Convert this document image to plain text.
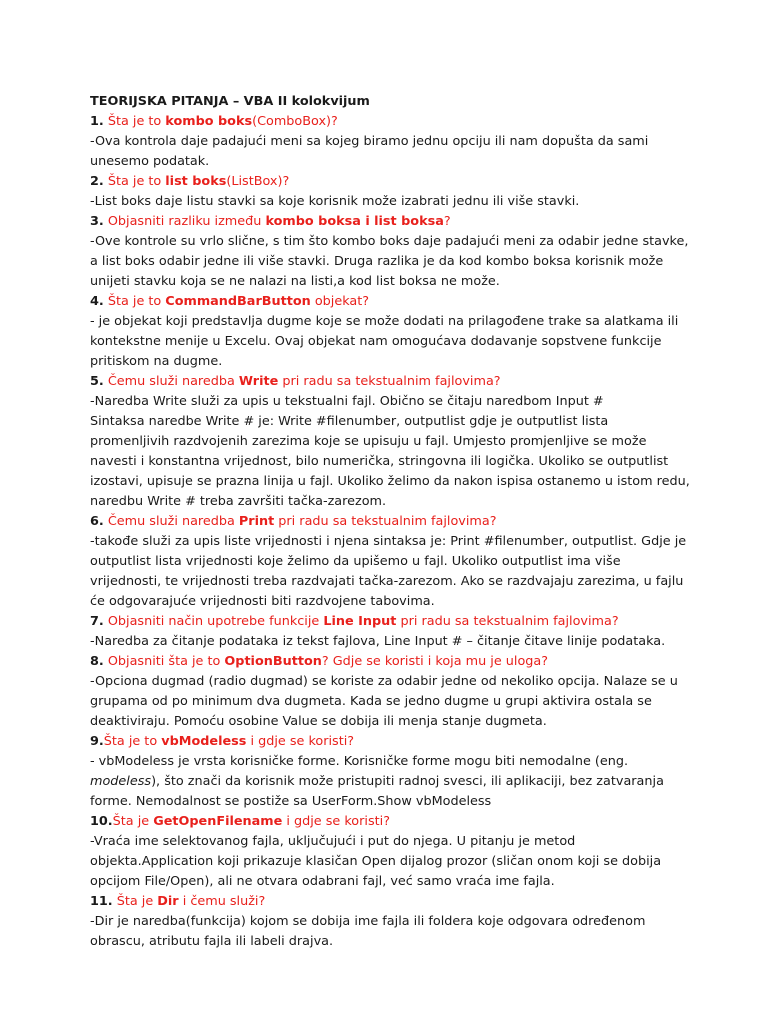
TEORIJSKA PITANJA – VBA II kolokvijum

1. Šta je to kombo boks(ComboBox)?

-Ova kontrola daje padajući meni sa kojeg biramo jednu opciju ili nam dopušta da sami unesemo podatak.

2. Šta je to list boks(ListBox)?

-List boks daje listu stavki sa koje korisnik može izabrati jednu ili više stavki.

3. Objasniti razliku između kombo boksa i list boksa?

-Ove kontrole su vrlo slične, s tim što kombo boks daje padajući meni za odabir jedne stavke, a list boks odabir jedne ili više stavki. Druga razlika je da kod kombo boksa korisnik može unijeti stavku koja se ne nalazi na listi,a kod list boksa ne može.

4. Šta je to CommandBarButton objekat?

- je objekat koji predstavlja dugme koje se može dodati na prilagođene trake sa alatkama ili kontekstne menije u Excelu. Ovaj objekat nam omogućava dodavanje sopstvene funkcije pritiskom na dugme.

5. Čemu služi naredba Write pri radu sa tekstualnim fajlovima?

-Naredba Write služi za upis u tekstualni fajl. Obično se čitaju naredbom Input #

Sintaksa naredbe Write # je: Write #filenumber, outputlist gdje je outputlist lista promenljivih razdvojenih zarezima koje se upisuju u fajl. Umjesto promjenljive se može navesti i konstantna vrijednost, bilo numerička, stringovna ili logička. Ukoliko se outputlist izostavi, upisuje se prazna linija u fajl. Ukoliko želimo da nakon ispisa ostanemo u istom redu, naredbu Write # treba završiti tačka-zarezom.

6. Čemu služi naredba Print pri radu sa tekstualnim fajlovima?

-takođe služi za upis liste vrijednosti i njena sintaksa je: Print #filenumber, outputlist. Gdje je outputlist lista vrijednosti koje želimo da upišemo u fajl. Ukoliko outputlist ima više vrijednosti, te vrijednosti treba razdvajati tačka-zarezom. Ako se razdvajaju zarezima, u fajlu će odgovarajuće vrijednosti biti razdvojene tabovima.

7. Objasniti način upotrebe funkcije Line Input pri radu sa tekstualnim fajlovima?

-Naredba za čitanje podataka iz tekst fajlova, Line Input # – čitanje čitave linije podataka.

8. Objasniti šta je to OptionButton? Gdje se koristi i koja mu je uloga?

-Opciona dugmad (radio dugmad) se koriste za odabir jedne od nekoliko opcija. Nalaze se u grupama od po minimum dva dugmeta. Kada se jedno dugme u grupi aktivira ostala se deaktiviraju. Pomoću osobine Value se dobija ili menja stanje dugmeta.

9.Šta je to vbModeless i gdje se koristi?

- vbModeless je vrsta korisničke forme. Korisničke forme mogu biti nemodalne (eng. modeless), što znači da korisnik može pristupiti radnoj svesci, ili aplikaciji, bez zatvaranja forme. Nemodalnost se postiže sa UserForm.Show vbModeless

10.Šta je GetOpenFilename i gdje se koristi?

-Vraća ime selektovanog fajla, uključujući i put do njega. U pitanju je metod objekta.Application koji prikazuje klasičan Open dijalog prozor (sličan onom koji se dobija opcijom File/Open), ali ne otvara odabrani fajl, već samo vraća ime fajla.

11. Šta je Dir i čemu služi?

-Dir je naredba(funkcija) kojom se dobija ime fajla ili foldera koje odgovara određenom obrascu, atributu fajla ili labeli drajva.
